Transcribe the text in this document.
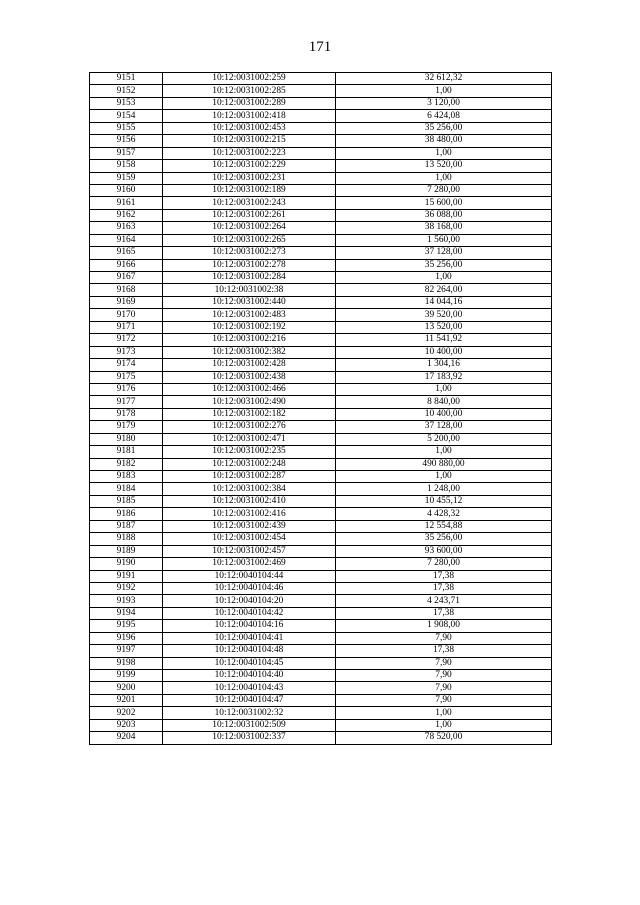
171
9151	10:12:0031002:259	32 612,32
9152	10:12:0031002:285	1,00
9153	10:12:0031002:289	3 120,00
9154	10:12:0031002:418	6 424,08
9155	10:12:0031002:453	35 256,00
9156	10:12:0031002:215	38 480,00
9157	10:12:0031002:223	1,00
9158	10:12:0031002:229	13 520,00
9159	10:12:0031002:231	1,00
9160	10:12:0031002:189	7 280,00
9161	10:12:0031002:243	15 600,00
9162	10:12:0031002:261	36 088,00
9163	10:12:0031002:264	38 168,00
9164	10:12:0031002:265	1 560,00
9165	10:12:0031002:273	37 128,00
9166	10:12:0031002:278	35 256,00
9167	10:12:0031002:284	1,00
9168	10:12:0031002:38	82 264,00
9169	10:12:0031002:440	14 044,16
9170	10:12:0031002:483	39 520,00
9171	10:12:0031002:192	13 520,00
9172	10:12:0031002:216	11 541,92
9173	10:12:0031002:382	10 400,00
9174	10:12:0031002:428	1 304,16
9175	10:12:0031002:438	17 183,92
9176	10:12:0031002:466	1,00
9177	10:12:0031002:490	8 840,00
9178	10:12:0031002:182	10 400,00
9179	10:12:0031002:276	37 128,00
9180	10:12:0031002:471	5 200,00
9181	10:12:0031002:235	1,00
9182	10:12:0031002:248	490 880,00
9183	10:12:0031002:287	1,00
9184	10:12:0031002:384	1 248,00
9185	10:12:0031002:410	10 455,12
9186	10:12:0031002:416	4 428,32
9187	10:12:0031002:439	12 554,88
9188	10:12:0031002:454	35 256,00
9189	10:12:0031002:457	93 600,00
9190	10:12:0031002:469	7 280,00
9191	10:12:0040104:44	17,38
9192	10:12:0040104:46	17,38
9193	10:12:0040104:20	4 243,71
9194	10:12:0040104:42	17,38
9195	10:12:0040104:16	1 908,00
9196	10:12:0040104:41	7,90
9197	10:12:0040104:48	17,38
9198	10:12:0040104:45	7,90
9199	10:12:0040104:40	7,90
9200	10:12:0040104:43	7,90
9201	10:12:0040104:47	7,90
9202	10:12:0031002:32	1,00
9203	10:12:0031002:509	1,00
9204	10:12:0031002:337	78 520,00
